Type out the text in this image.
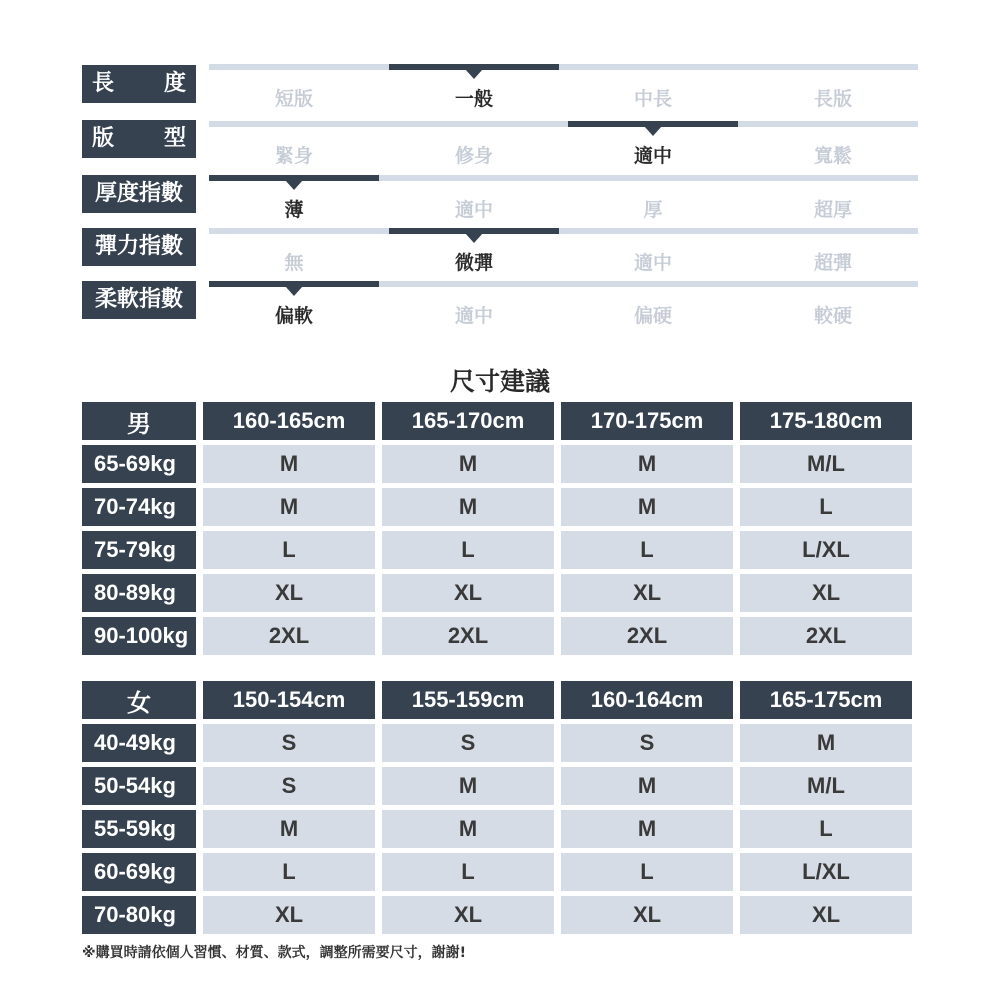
長 度
短版	一般	中長	長版
版 型
緊身	修身	適中	寬鬆
厚度指數
薄	適中	厚	超厚
彈力指數
無	微彈	適中	超彈
柔軟指數
偏軟	適中	偏硬	較硬
尺寸建議
男	160-165cm	165-170cm	170-175cm	175-180cm
65-69kg	M	M	M	M/L
70-74kg	M	M	M	L
75-79kg	L	L	L	L/XL
80-89kg	XL	XL	XL	XL
90-100kg	2XL	2XL	2XL	2XL
女	150-154cm	155-159cm	160-164cm	165-175cm
40-49kg	S	S	S	M
50-54kg	S	M	M	M/L
55-59kg	M	M	M	L
60-69kg	L	L	L	L/XL
70-80kg	XL	XL	XL	XL
※購買時請依個人習慣、材質、款式，調整所需要尺寸，謝謝!
